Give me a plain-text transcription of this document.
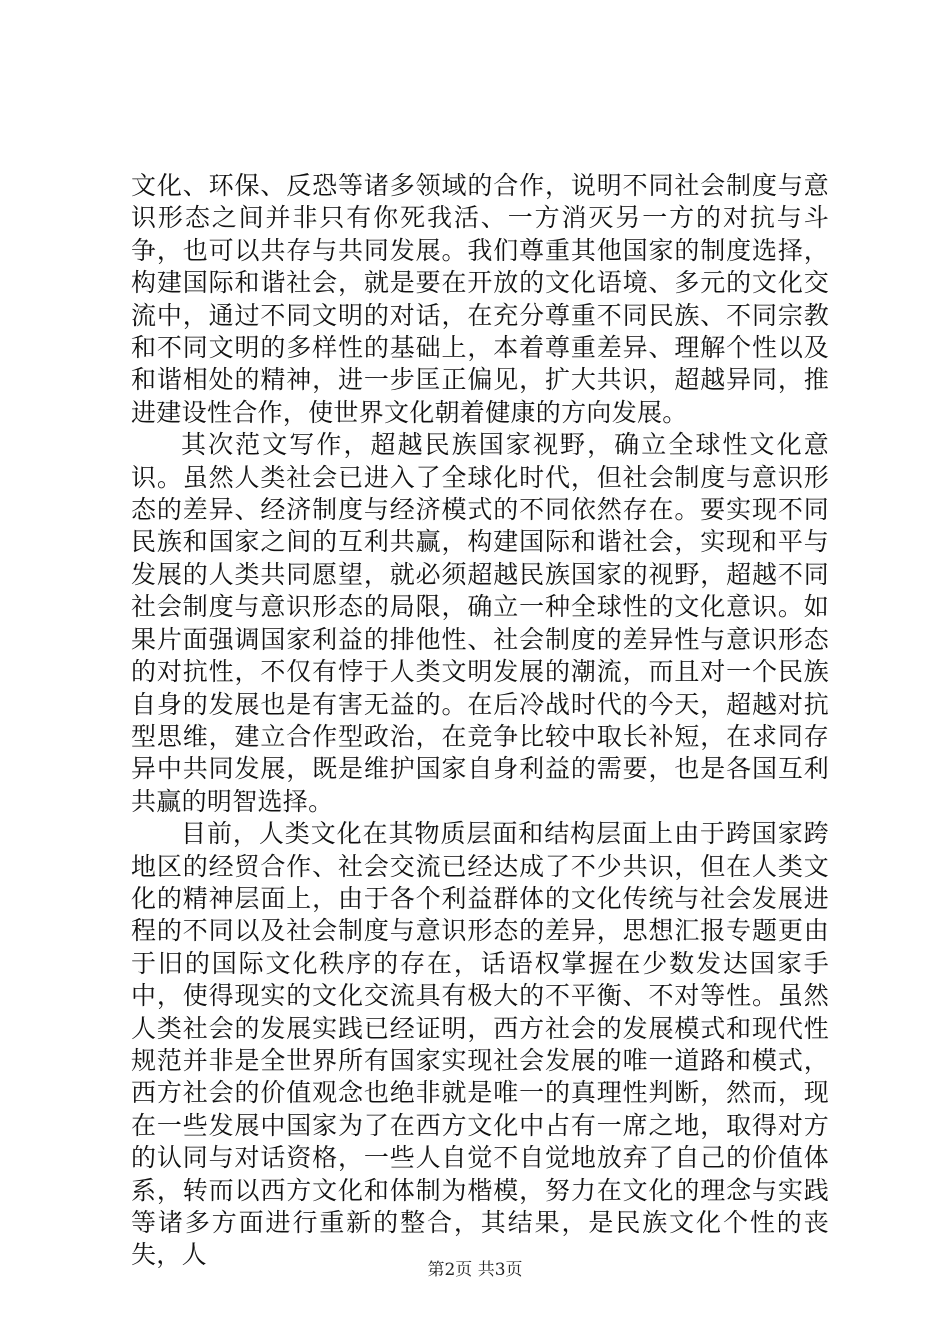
文化、环保、反恐等诸多领域的合作，说明不同社会制度与意识形态之间并非只有你死我活、一方消灭另一方的对抗与斗争，也可以共存与共同发展。我们尊重其他国家的制度选择，构建国际和谐社会，就是要在开放的文化语境、多元的文化交流中，通过不同文明的对话，在充分尊重不同民族、不同宗教和不同文明的多样性的基础上，本着尊重差异、理解个性以及和谐相处的精神，进一步匡正偏见，扩大共识，超越异同，推进建设性合作，使世界文化朝着健康的方向发展。

其次范文写作，超越民族国家视野，确立全球性文化意识。虽然人类社会已进入了全球化时代，但社会制度与意识形态的差异、经济制度与经济模式的不同依然存在。要实现不同民族和国家之间的互利共赢，构建国际和谐社会，实现和平与发展的人类共同愿望，就必须超越民族国家的视野，超越不同社会制度与意识形态的局限，确立一种全球性的文化意识。如果片面强调国家利益的排他性、社会制度的差异性与意识形态的对抗性，不仅有悖于人类文明发展的潮流，而且对一个民族自身的发展也是有害无益的。在后冷战时代的今天，超越对抗型思维，建立合作型政治，在竞争比较中取长补短，在求同存异中共同发展，既是维护国家自身利益的需要，也是各国互利共赢的明智选择。

目前，人类文化在其物质层面和结构层面上由于跨国家跨地区的经贸合作、社会交流已经达成了不少共识，但在人类文化的精神层面上，由于各个利益群体的文化传统与社会发展进程的不同以及社会制度与意识形态的差异，思想汇报专题更由于旧的国际文化秩序的存在，话语权掌握在少数发达国家手中，使得现实的文化交流具有极大的不平衡、不对等性。虽然人类社会的发展实践已经证明，西方社会的发展模式和现代性规范并非是全世界所有国家实现社会发展的唯一道路和模式，西方社会的价值观念也绝非就是唯一的真理性判断，然而，现在一些发展中国家为了在西方文化中占有一席之地，取得对方的认同与对话资格，一些人自觉不自觉地放弃了自己的价值体系，转而以西方文化和体制为楷模，努力在文化的理念与实践等诸多方面进行重新的整合，其结果，是民族文化个性的丧失，人

第2页 共3页
